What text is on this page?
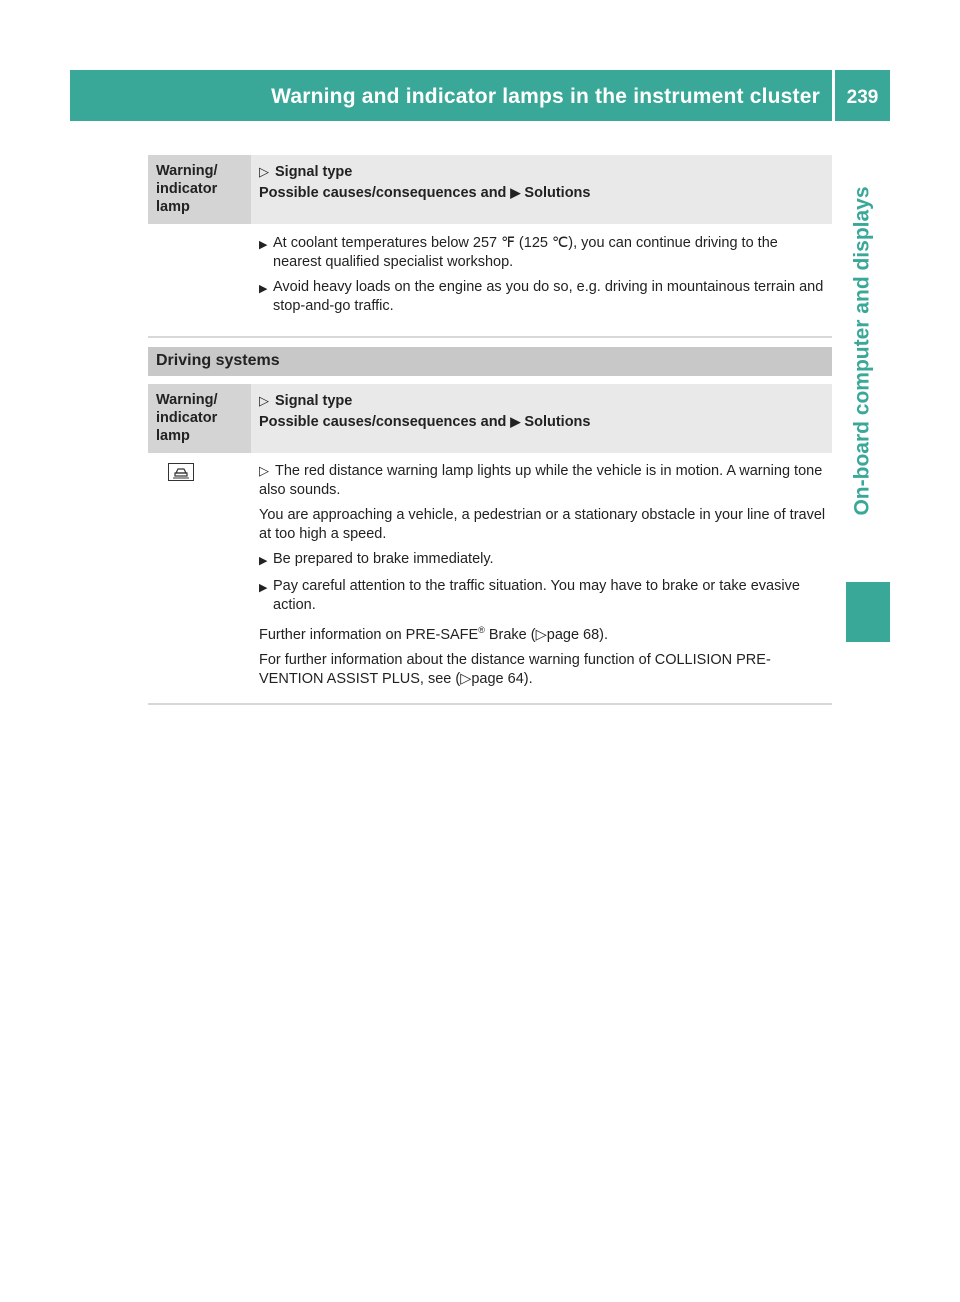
Warning and indicator lamps in the instrument cluster 239
On-board computer and displays
Warning/ indicator lamp
▷ Signal type
Possible causes/consequences and ▶ Solutions
▶ At coolant temperatures below 257 ℉ (125 ℃), you can continue driving to the nearest qualified specialist workshop.
▶ Avoid heavy loads on the engine as you do so, e.g. driving in mountainous terrain and stop-and-go traffic.
Driving systems
Warning/ indicator lamp
▷ Signal type
Possible causes/consequences and ▶ Solutions
▷ The red distance warning lamp lights up while the vehicle is in motion. A warning tone also sounds.
You are approaching a vehicle, a pedestrian or a stationary obstacle in your line of travel at too high a speed.
▶ Be prepared to brake immediately.
▶ Pay careful attention to the traffic situation. You may have to brake or take evasive action.
Further information on PRE-SAFE® Brake (▷page 68).
For further information about the distance warning function of COLLISION PRE-VENTION ASSIST PLUS, see (▷page 64).
